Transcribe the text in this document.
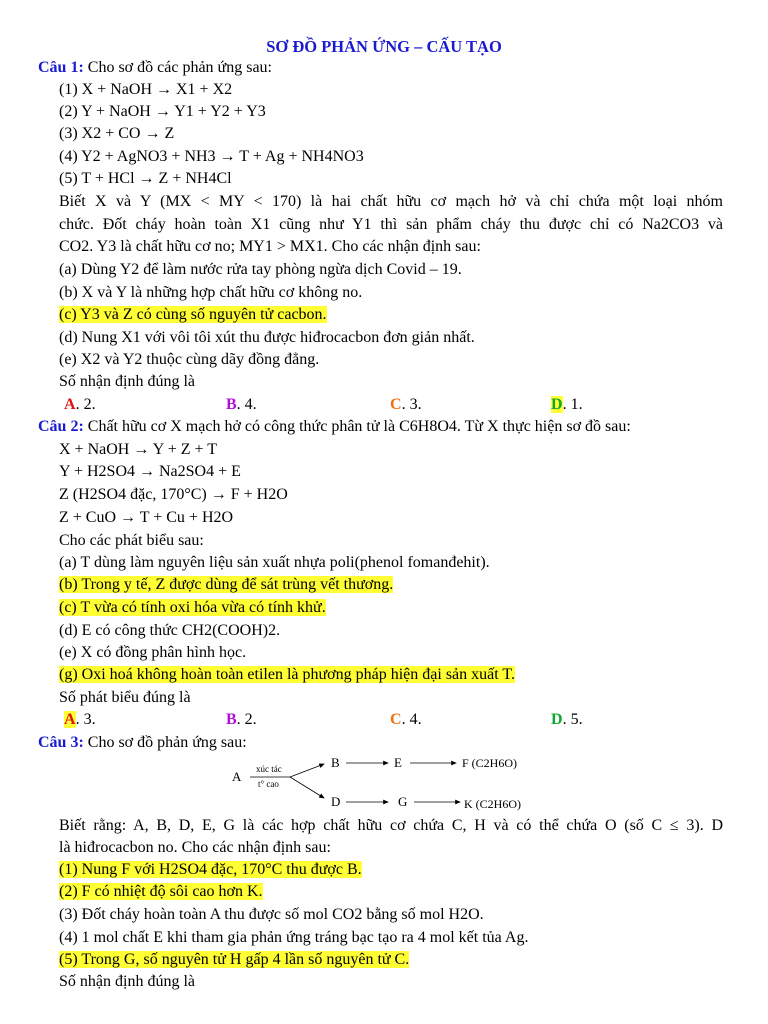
SƠ ĐỒ PHẢN ỨNG – CẤU TẠO
Câu 1: Cho sơ đồ các phản ứng sau:
(1) X + NaOH → X1 + X2
(2) Y + NaOH → Y1 + Y2 + Y3
(3) X2 + CO → Z
(4) Y2 + AgNO3 + NH3 → T + Ag + NH4NO3
(5) T + HCl → Z + NH4Cl
Biết X và Y (MX < MY < 170) là hai chất hữu cơ mạch hở và chỉ chứa một loại nhóm
chức. Đốt cháy hoàn toàn X1 cũng như Y1 thì sản phẩm cháy thu được chỉ có Na2CO3 và
CO2. Y3 là chất hữu cơ no; MY1 > MX1. Cho các nhận định sau:
(a) Dùng Y2 để làm nước rửa tay phòng ngừa dịch Covid – 19.
(b) X và Y là những hợp chất hữu cơ không no.
(c) Y3 và Z có cùng số nguyên tử cacbon.
(d) Nung X1 với vôi tôi xút thu được hiđrocacbon đơn giản nhất.
(e) X2 và Y2 thuộc cùng dãy đồng đẳng.
Số nhận định đúng là
A. 2.	B. 4.	C. 3.	D. 1.
Câu 2: Chất hữu cơ X mạch hở có công thức phân tử là C6H8O4. Từ X thực hiện sơ đồ sau:
X + NaOH → Y + Z + T
Y + H2SO4 → Na2SO4 + E
Z (H2SO4 đặc, 170°C) → F + H2O
Z + CuO → T + Cu + H2O
Cho các phát biểu sau:
(a) T dùng làm nguyên liệu sản xuất nhựa poli(phenol fomanđehit).
(b) Trong y tế, Z được dùng để sát trùng vết thương.
(c) T vừa có tính oxi hóa vừa có tính khử.
(d) E có công thức CH2(COOH)2.
(e) X có đồng phân hình học.
(g) Oxi hoá không hoàn toàn etilen là phương pháp hiện đại sản xuất T.
Số phát biểu đúng là
A. 3.	B. 2.	C. 4.	D. 5.
Câu 3: Cho sơ đồ phản ứng sau:
A xúc tác
t° cao
B	E	F (C2H6O)
D	G	K (C2H6O)
Biết rằng: A, B, D, E, G là các hợp chất hữu cơ chứa C, H và có thể chứa O (số C ≤ 3). D
là hiđrocacbon no. Cho các nhận định sau:
(1) Nung F với H2SO4 đặc, 170°C thu được B.
(2) F có nhiệt độ sôi cao hơn K.
(3) Đốt cháy hoàn toàn A thu được số mol CO2 bằng số mol H2O.
(4) 1 mol chất E khi tham gia phản ứng tráng bạc tạo ra 4 mol kết tủa Ag.
(5) Trong G, số nguyên tử H gấp 4 lần số nguyên tử C.
Số nhận định đúng là
